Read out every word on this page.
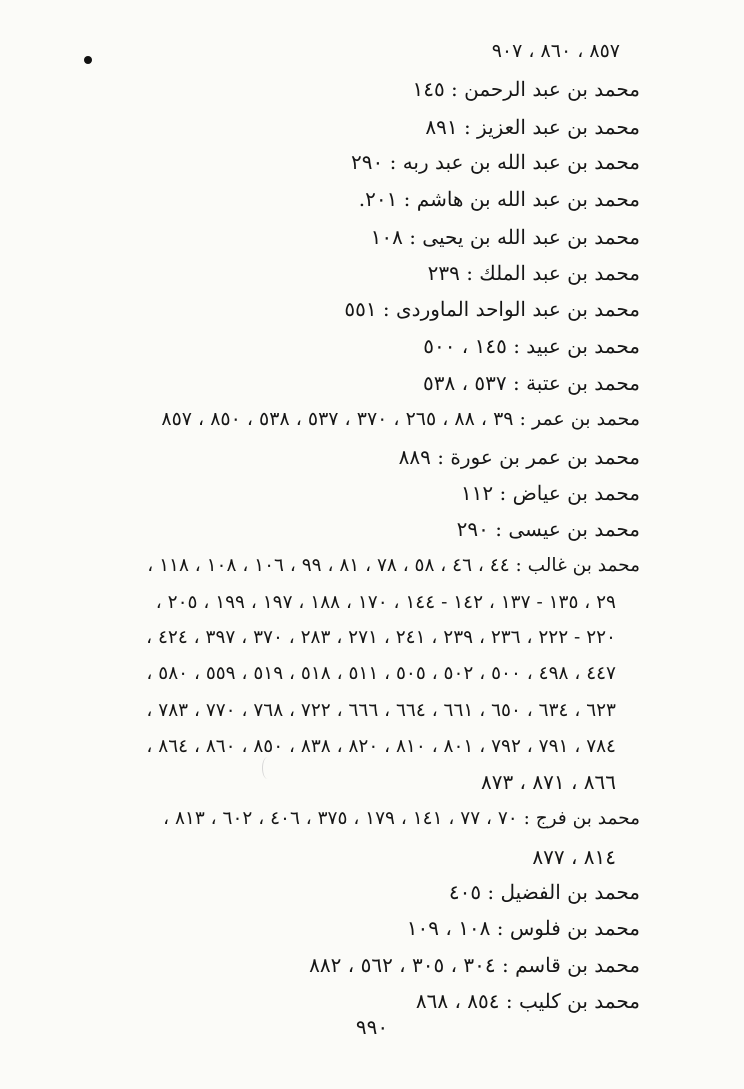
٨٥٧ ، ٨٦٠ ، ٩٠٧
محمد بن عبد الرحمن : ١٤٥
محمد بن عبد العزيز : ٨٩١
محمد بن عبد الله بن عبد ربه : ٢٩٠
محمد بن عبد الله بن هاشم : ٢٠١.
محمد بن عبد الله بن يحيى : ١٠٨
محمد بن عبد الملك : ٢٣٩
محمد بن عبد الواحد الماوردى : ٥٥١
محمد بن عبيد : ١٤٥ ، ٥٠٠
محمد بن عتبة : ٥٣٧ ، ٥٣٨
محمد بن عمر : ٣٩ ، ٨٨ ، ٢٦٥ ، ٣٧٠ ، ٥٣٧ ، ٥٣٨ ، ٨٥٠ ، ٨٥٧
محمد بن عمر بن عورة : ٨٨٩
محمد بن عياض : ١١٢
محمد بن عيسى : ٢٩٠
محمد بن غالب : ٤٤ ، ٤٦ ، ٥٨ ، ٧٨ ، ٨١ ، ٩٩ ، ١٠٦ ، ١٠٨ ، ١١٨ ،
٢٩ ، ١٣٥ - ١٣٧ ، ١٤٢ - ١٤٤ ، ١٧٠ ، ١٨٨ ، ١٩٧ ، ١٩٩ ، ٢٠٥ ،
٢٢٠ - ٢٢٢ ، ٢٣٦ ، ٢٣٩ ، ٢٤١ ، ٢٧١ ، ٢٨٣ ، ٣٧٠ ، ٣٩٧ ، ٤٢٤ ،
٤٤٧ ، ٤٩٨ ، ٥٠٠ ، ٥٠٢ ، ٥٠٥ ، ٥١١ ، ٥١٨ ، ٥١٩ ، ٥٥٩ ، ٥٨٠ ،
٦٢٣ ، ٦٣٤ ، ٦٥٠ ، ٦٦١ ، ٦٦٤ ، ٦٦٦ ، ٧٢٢ ، ٧٦٨ ، ٧٧٠ ، ٧٨٣ ،
٧٨٤ ، ٧٩١ ، ٧٩٢ ، ٨٠١ ، ٨١٠ ، ٨٢٠ ، ٨٣٨ ، ٨٥٠ ، ٨٦٠ ، ٨٦٤ ،
٨٦٦ ، ٨٧١ ، ٨٧٣
محمد بن فرج : ٧٠ ، ٧٧ ، ١٤١ ، ١٧٩ ، ٣٧٥ ، ٤٠٦ ، ٦٠٢ ، ٨١٣ ،
٨١٤ ، ٨٧٧
محمد بن الفضيل : ٤٠٥
محمد بن فلوس : ١٠٨ ، ١٠٩
محمد بن قاسم : ٣٠٤ ، ٣٠٥ ، ٥٦٢ ، ٨٨٢
محمد بن كليب : ٨٥٤ ، ٨٦٨
٩٩٠
